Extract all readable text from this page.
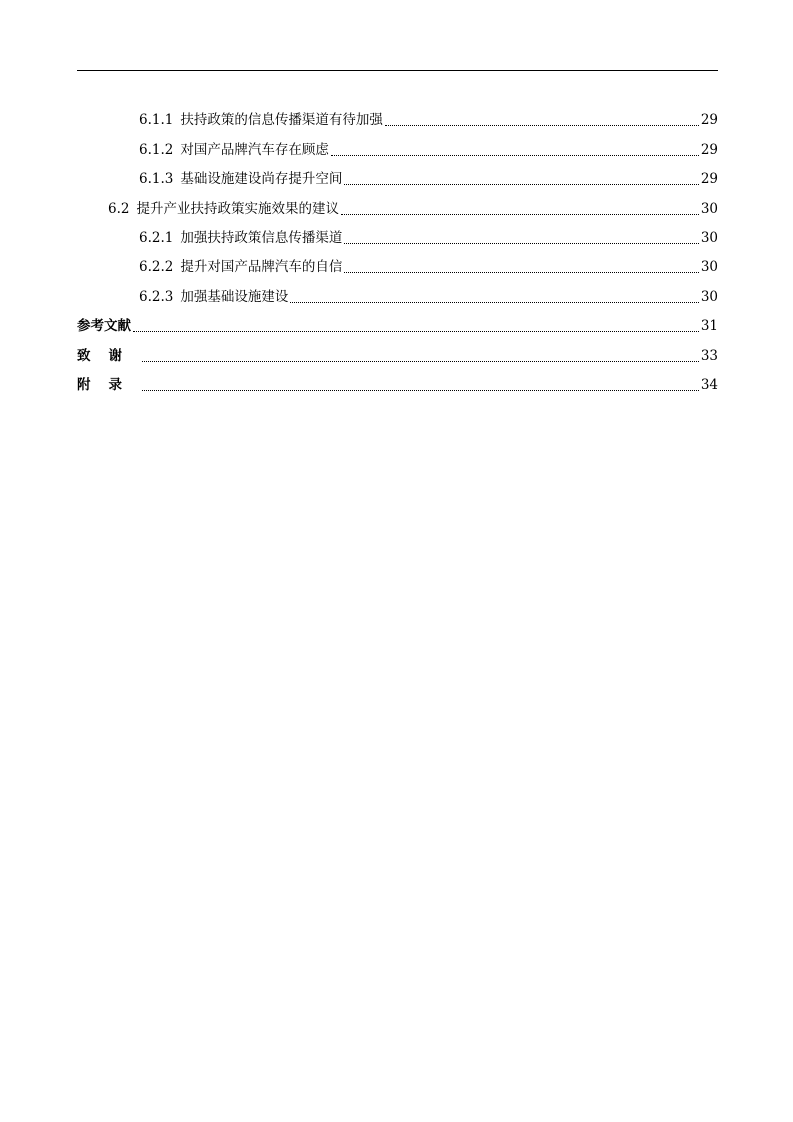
6.1.1 扶持政策的信息传播渠道有待加强	29
6.1.2 对国产品牌汽车存在顾虑	29
6.1.3 基础设施建设尚存提升空间	29
6.2 提升产业扶持政策实施效果的建议	30
6.2.1 加强扶持政策信息传播渠道	30
6.2.2 提升对国产品牌汽车的自信	30
6.2.3 加强基础设施建设	30
参考文献	31
致谢	33
附录	34
